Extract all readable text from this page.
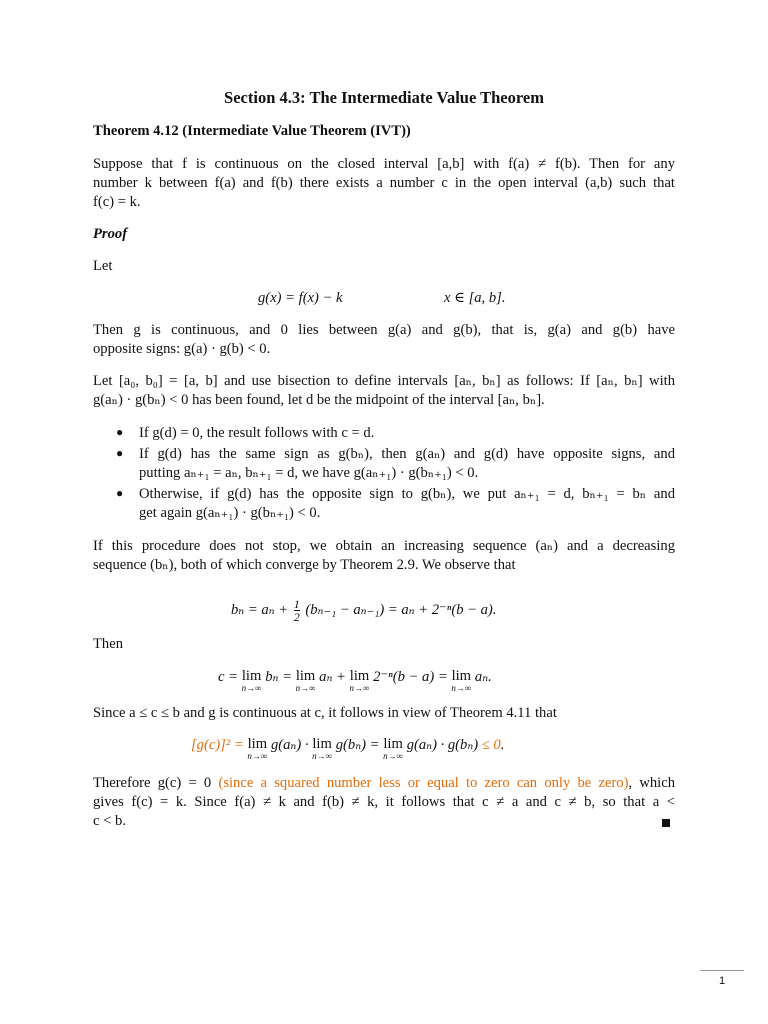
Section 4.3: The Intermediate Value Theorem
Theorem 4.12 (Intermediate Value Theorem (IVT))
Suppose that f is continuous on the closed interval [a,b] with f(a) ≠ f(b). Then for any
number k between f(a) and f(b) there exists a number c in the open interval (a,b) such that
f(c) = k.
Proof
Let
g(x) = f(x) − k	x ∈ [a, b].
Then g is continuous, and 0 lies between g(a) and g(b), that is, g(a) and g(b) have
opposite signs: g(a) · g(b) < 0.
Let [a₀, b₀] = [a, b] and use bisection to define intervals [aₙ, bₙ] as follows: If [aₙ, bₙ] with
g(aₙ) · g(bₙ) < 0 has been found, let d be the midpoint of the interval [aₙ, bₙ].
● If g(d) = 0, the result follows with c = d.
● If g(d) has the same sign as g(bₙ), then g(aₙ) and g(d) have opposite signs, and
putting aₙ₊₁ = aₙ, bₙ₊₁ = d, we have g(aₙ₊₁) · g(bₙ₊₁) < 0.
● Otherwise, if g(d) has the opposite sign to g(bₙ), we put aₙ₊₁ = d, bₙ₊₁ = bₙ and
get again g(aₙ₊₁) · g(bₙ₊₁) < 0.
If this procedure does not stop, we obtain an increasing sequence (aₙ) and a decreasing
sequence (bₙ), both of which converge by Theorem 2.9. We observe that
$b_n = a_n + \frac{1}{2} (b_{n-1} - a_{n-1}) = a_n + 2^{-n}(b - a)$.
Then
c = lim
n→∞
bₙ = lim
n→∞
aₙ + lim
n→∞
2⁻ⁿ(b − a) = lim
n→∞
aₙ.
Since a ≤ c ≤ b and g is continuous at c, it follows in view of Theorem 4.11 that
[g(c)]² = lim
n→∞
g(aₙ) · lim
n→∞
g(bₙ) = lim
n→∞
g(aₙ) · g(bₙ) ≤ 0.
Therefore g(c) = 0 (since a squared number less or equal to zero can only be zero), which
gives f(c) = k. Since f(a) ≠ k and f(b) ≠ k, it follows that c ≠ a and c ≠ b, so that a <
c < b.
1
